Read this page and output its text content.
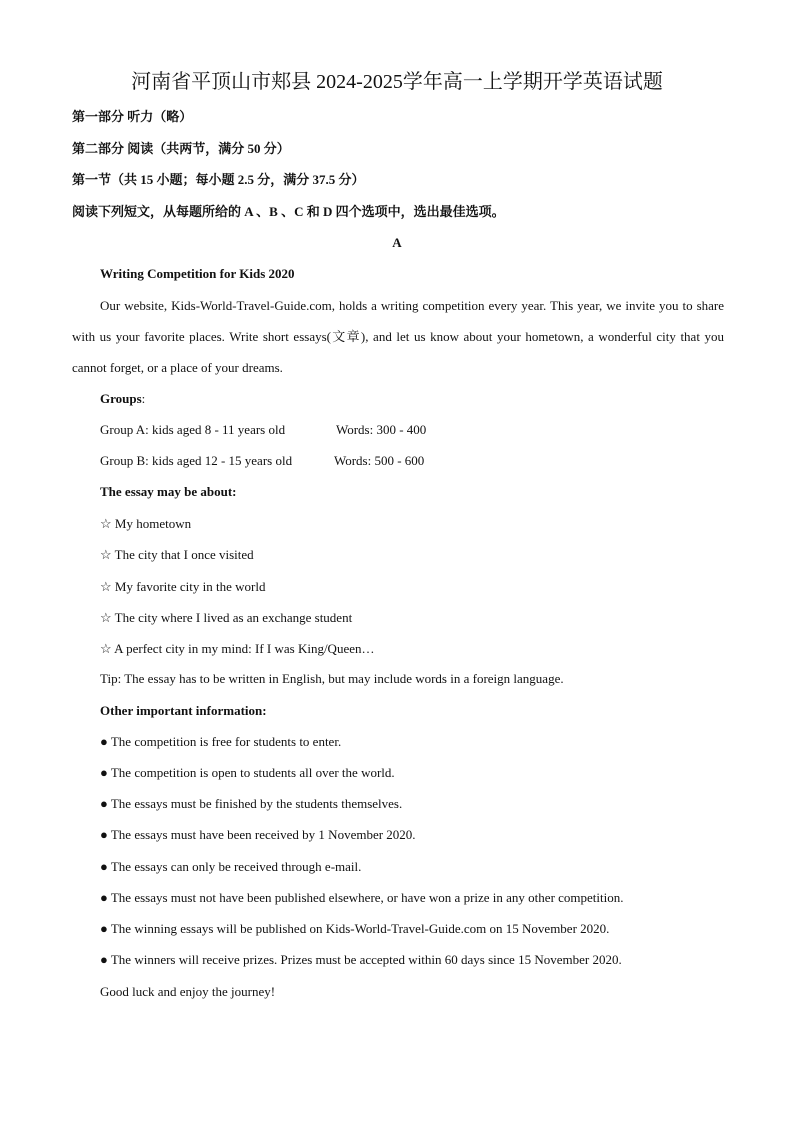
河南省平顶山市郏县 2024-2025学年高一上学期开学英语试题
第一部分 听力（略）
第二部分 阅读（共两节，满分 50 分）
第一节（共 15 小题；每小题 2.5 分，满分 37.5 分）
阅读下列短文，从每题所给的 A 、B 、C 和 D 四个选项中，选出最佳选项。
A
Writing Competition for Kids 2020
Our website, Kids-World-Travel-Guide.com, holds a writing competition every year. This year, we invite you to share with us your favorite places. Write short essays(文章), and let us know about your hometown, a wonderful city that you cannot forget, or a place of your dreams.
Groups:
Group A: kids aged 8 - 11 years old	Words: 300 - 400
Group B: kids aged 12 - 15 years old	Words: 500 - 600
The essay may be about:
☆ My hometown
☆ The city that I once visited
☆ My favorite city in the world
☆ The city where I lived as an exchange student
☆ A perfect city in my mind: If I was King/Queen…
Tip: The essay has to be written in English, but may include words in a foreign language.
Other important information:
● The competition is free for students to enter.
● The competition is open to students all over the world.
● The essays must be finished by the students themselves.
● The essays must have been received by 1 November 2020.
● The essays can only be received through e-mail.
● The essays must not have been published elsewhere, or have won a prize in any other competition.
● The winning essays will be published on Kids-World-Travel-Guide.com on 15 November 2020.
● The winners will receive prizes. Prizes must be accepted within 60 days since 15 November 2020.
Good luck and enjoy the journey!
